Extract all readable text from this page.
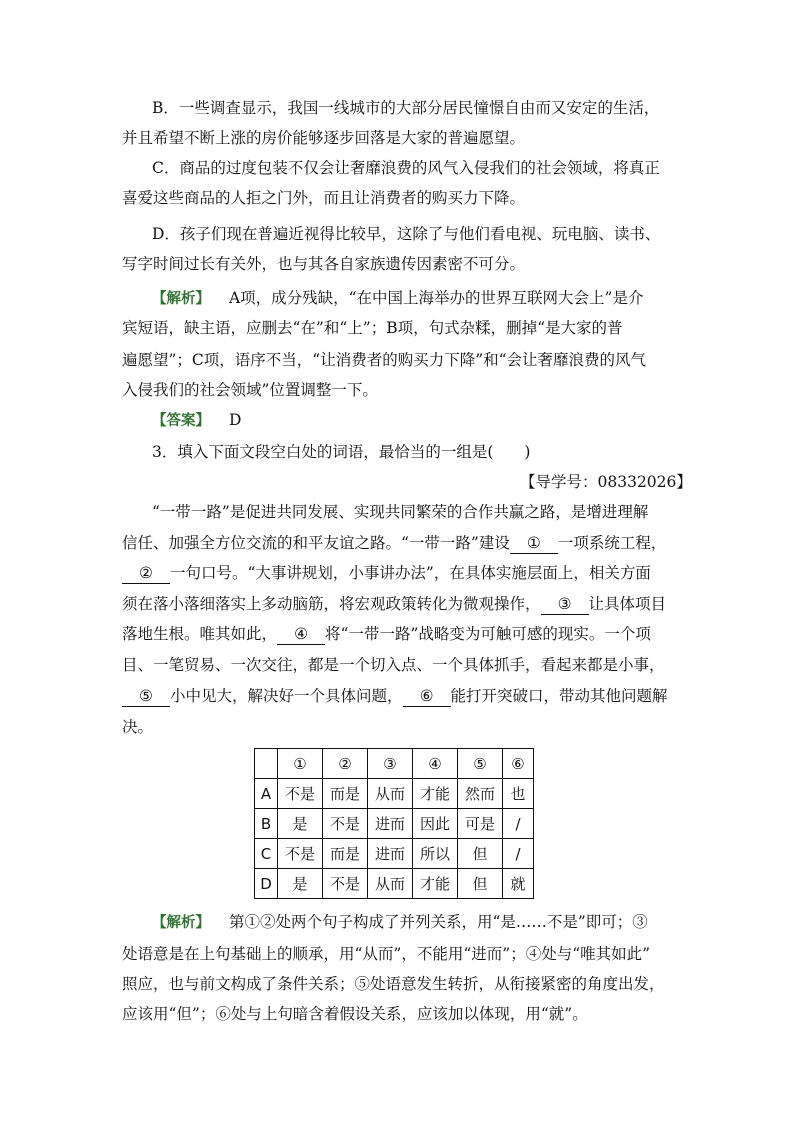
B．一些调查显示，我国一线城市的大部分居民憧憬自由而又安定的生活，
并且希望不断上涨的房价能够逐步回落是大家的普遍愿望。
C．商品的过度包装不仅会让奢靡浪费的风气入侵我们的社会领域，将真正
喜爱这些商品的人拒之门外，而且让消费者的购买力下降。
D．孩子们现在普遍近视得比较早，这除了与他们看电视、玩电脑、读书、
写字时间过长有关外，也与其各自家族遗传因素密不可分。
【解析】 A项，成分残缺，“在中国上海举办的世界互联网大会上”是介
宾短语，缺主语，应删去“在”和“上”；B项，句式杂糅，删掉“是大家的普
遍愿望”；C项，语序不当，“让消费者的购买力下降”和“会让奢靡浪费的风气
入侵我们的社会领域”位置调整一下。
【答案】 D
3．填入下面文段空白处的词语，最恰当的一组是(　　)
【导学号：08332026】
“一带一路”是促进共同发展、实现共同繁荣的合作共赢之路，是增进理解
信任、加强全方位交流的和平友谊之路。“一带一路”建设 ① 一项系统工程，
② 一句口号。“大事讲规划，小事讲办法”，在具体实施层面上，相关方面
须在落小落细落实上多动脑筋，将宏观政策转化为微观操作， ③ 让具体项目
落地生根。唯其如此， ④ 将“一带一路”战略变为可触可感的现实。一个项
目、一笔贸易、一次交往，都是一个切入点、一个具体抓手，看起来都是小事，
⑤ 小中见大，解决好一个具体问题， ⑥ 能打开突破口，带动其他问题解
决。
	①	②	③	④	⑤	⑥
A	不是	而是	从而	才能	然而	也
B	是	不是	进而	因此	可是	/
C	不是	而是	进而	所以	但	/
D	是	不是	从而	才能	但	就
【解析】 第①②处两个句子构成了并列关系，用“是……不是”即可；③
处语意是在上句基础上的顺承，用“从而”，不能用“进而”；④处与“唯其如此”
照应，也与前文构成了条件关系；⑤处语意发生转折，从衔接紧密的角度出发，
应该用“但”；⑥处与上句暗含着假设关系，应该加以体现，用“就”。
